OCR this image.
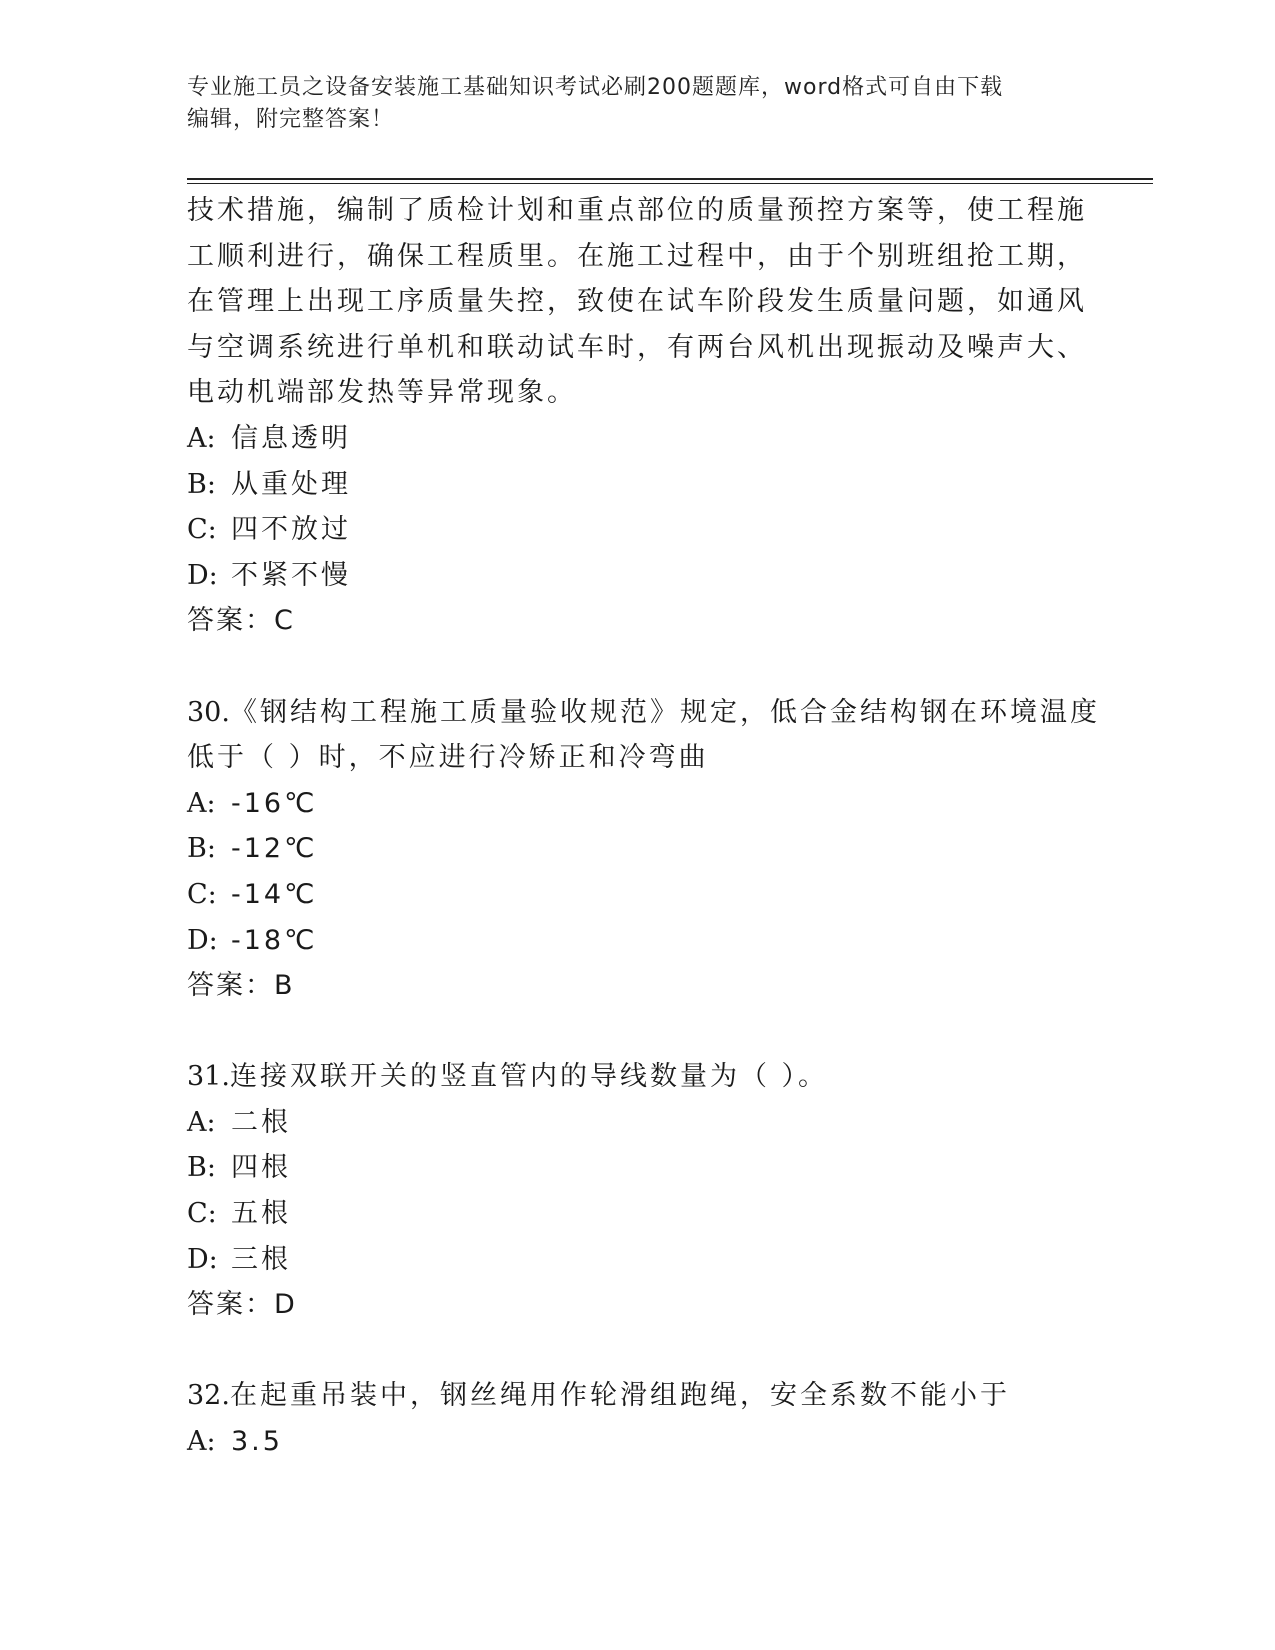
专业施工员之设备安装施工基础知识考试必刷200题题库，word格式可自由下载
编辑，附完整答案！
技术措施，编制了质检计划和重点部位的质量预控方案等，使工程施
工顺利进行，确保工程质里。在施工过程中，由于个别班组抢工期，
在管理上出现工序质量失控，致使在试车阶段发生质量问题，如通风
与空调系统进行单机和联动试车时，有两台风机出现振动及噪声大、
电动机端部发热等异常现象。
A: 信息透明
B: 从重处理
C: 四不放过
D: 不紧不慢
答案：C
30.《钢结构工程施工质量验收规范》规定，低合金结构钢在环境温度
低于（ ）时，不应进行冷矫正和冷弯曲
A: -16℃
B: -12℃
C: -14℃
D: -18℃
答案：B
31.连接双联开关的竖直管内的导线数量为（ ）。
A: 二根
B: 四根
C: 五根
D: 三根
答案：D
32.在起重吊装中，钢丝绳用作轮滑组跑绳，安全系数不能小于
A: 3.5
